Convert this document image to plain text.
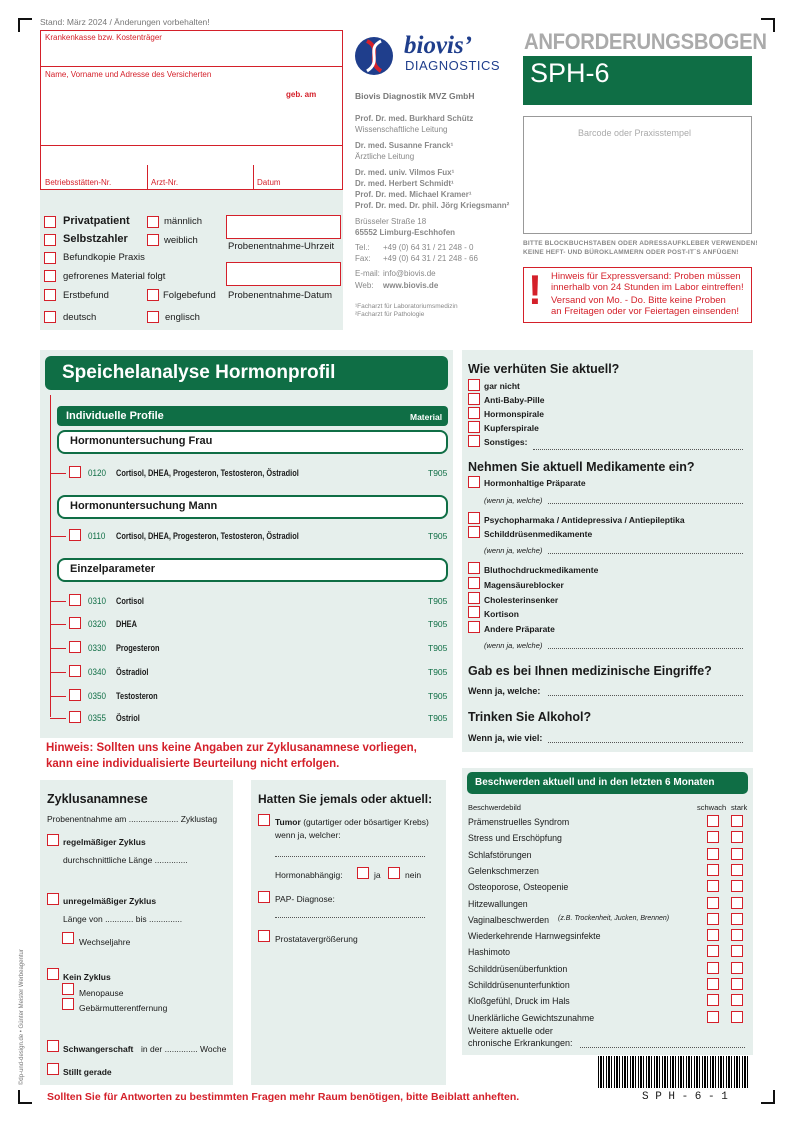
Stand: März 2024 / Änderungen vorbehalten!
Krankenkasse bzw. Kostenträger
Name, Vorname und Adresse des Versicherten
geb. am
Betriebsstätten-Nr.	Arzt-Nr.	Datum
Privatpatient
Selbstzahler
Befundkopie Praxis
gefrorenes Material folgt
Erstbefund	Folgebefund
deutsch	englisch
männlich
weiblich
Probenentnahme-Uhrzeit
Probenentnahme-Datum
biovis’
DIAGNOSTICS
Biovis Diagnostik MVZ GmbH
Prof. Dr. med. Burkhard Schütz
Wissenschaftliche Leitung
Dr. med. Susanne Franck¹
Ärztliche Leitung
Dr. med. univ. Vilmos Fux¹
Dr. med. Herbert Schmidt¹
Prof. Dr. med. Michael Kramer¹
Prof. Dr. med. Dr. phil. Jörg Kriegsmann²
Brüsseler Straße 18
65552 Limburg-Eschhofen
Tel.: +49 (0) 64 31 / 21 248 - 0
Fax: +49 (0) 64 31 / 21 248 - 66
E-mail: info@biovis.de
Web: www.biovis.de
¹Facharzt für Laboratoriumsmedizin
²Facharzt für Pathologie
ANFORDERUNGSBOGEN
SPH-6
Barcode oder Praxisstempel
BITTE BLOCKBUCHSTABEN ODER ADRESSAUFKLEBER VERWENDEN!
KEINE HEFT- UND BÜROKLAMMERN ODER POST-IT´S ANFÜGEN!
! Hinweis für Expressversand: Proben müssen
innerhalb von 24 Stunden im Labor eintreffen!
Versand von Mo. - Do. Bitte keine Proben
an Freitagen oder vor Feiertagen einsenden!
Speichelanalyse Hormonprofil
Individuelle Profile	Material
Hormonuntersuchung Frau
Hormonuntersuchung Mann
Einzelparameter
Hinweis: Sollten uns keine Angaben zur Zyklusanamnese vorliegen,
kann eine individualisierte Beurteilung nicht erfolgen.
Wie verhüten Sie aktuell?
Nehmen Sie aktuell Medikamente ein?
Hormonhaltige Präparate
(wenn ja, welche)
Psychopharmaka / Antidepressiva / Antiepileptika
Schilddrüsenmedikamente
(wenn ja, welche)
(wenn ja, welche)
Gab es bei Ihnen medizinische Eingriffe?
Wenn ja, welche:
Trinken Sie Alkohol?
Wenn ja, wie viel:
Beschwerden aktuell und in den letzten 6 Monaten
Beschwerdebild	schwach stark
(z.B. Trockenheit, Jucken, Brennen)
Weitere aktuelle oder
chronische Erkrankungen:
Zyklusanamnese
Probenentnahme am ..................... Zyklustag
regelmäßiger Zyklus
durchschnittliche Länge ..............
unregelmäßiger Zyklus
Länge von ............ bis ..............
Wechseljahre
Kein Zyklus
Menopause
Gebärmutterentfernung
Schwangerschaft in der .............. Woche
Stillt gerade
Hatten Sie jemals oder aktuell:
Tumor (gutartiger oder bösartiger Krebs)
wenn ja, welcher:
Hormonabhängig:	ja	nein
PAP- Diagnose:
Prostatavergrößerung
Sollten Sie für Antworten zu bestimmten Fragen mehr Raum benötigen, bitte Beiblatt anheften.
©dp-und-design.de • Günter Meister Werbeagentur
S P H - 6 - 1
0120 Cortisol, DHEA, Progesteron, Testosteron, Östradiol	T905
0110 Cortisol, DHEA, Progesteron, Testosteron, Östradiol	T905
0310 Cortisol	T905
0320 DHEA	T905
0330 Progesteron	T905
0340 Östradiol	T905
0350 Testosteron	T905
0355 Östriol	T905
gar nicht
Anti-Baby-Pille
Hormonspirale
Kupferspirale
Sonstiges:
Bluthochdruckmedikamente
Magensäureblocker
Cholesterinsenker
Kortison
Andere Präparate
Prämenstruelles Syndrom
Stress und Erschöpfung
Schlafstörungen
Gelenkschmerzen
Osteoporose, Osteopenie
Hitzewallungen
Vaginalbeschwerden
Wiederkehrende Harnwegsinfekte
Hashimoto
Schilddrüsenüberfunktion
Schilddrüsenunterfunktion
Kloßgefühl, Druck im Hals
Unerklärliche Gewichtszunahme
